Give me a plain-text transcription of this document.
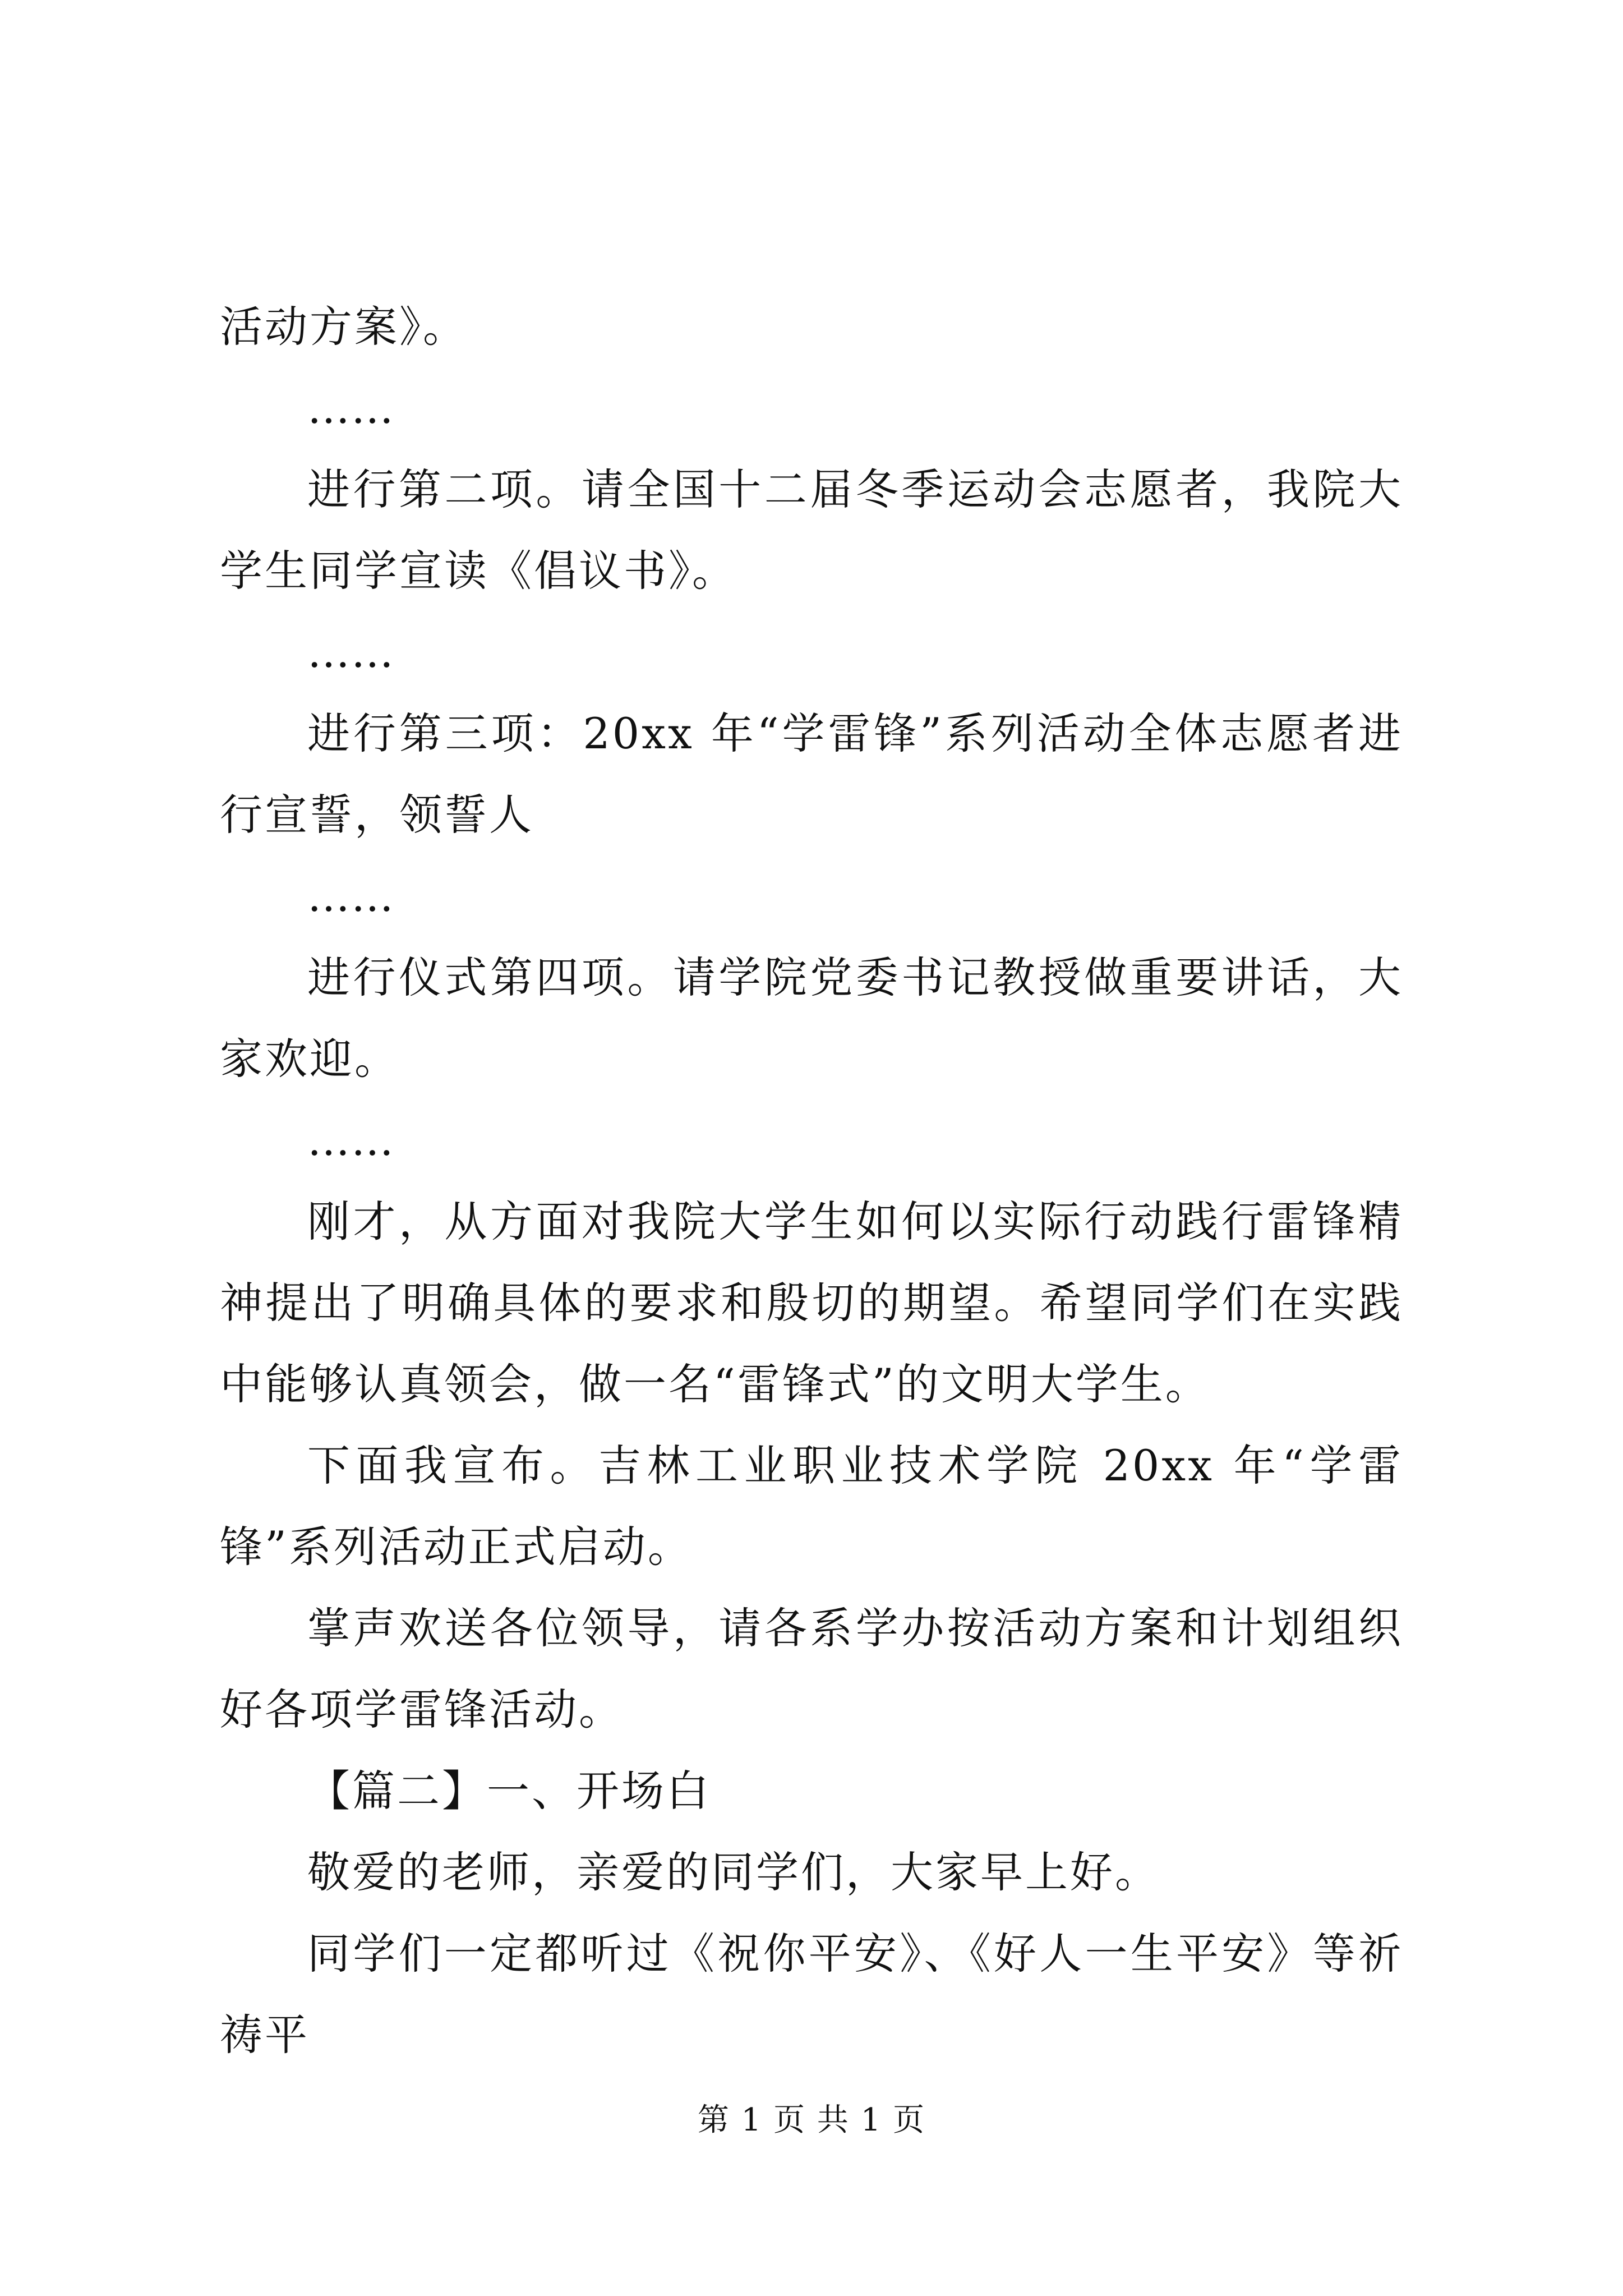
活动方案》。

……

进行第二项。请全国十二届冬季运动会志愿者，我院大学生同学宣读《倡议书》。

……

进行第三项：20xx 年“学雷锋”系列活动全体志愿者进行宣誓，领誓人

……

进行仪式第四项。请学院党委书记教授做重要讲话，大家欢迎。

……

刚才，从方面对我院大学生如何以实际行动践行雷锋精神提出了明确具体的要求和殷切的期望。希望同学们在实践中能够认真领会，做一名“雷锋式”的文明大学生。

下面我宣布。吉林工业职业技术学院 20xx 年“学雷锋”系列活动正式启动。

掌声欢送各位领导，请各系学办按活动方案和计划组织好各项学雷锋活动。

【篇二】一、开场白

敬爱的老师，亲爱的同学们，大家早上好。

同学们一定都听过《祝你平安》、《好人一生平安》等祈祷平

第 1 页 共 1 页
